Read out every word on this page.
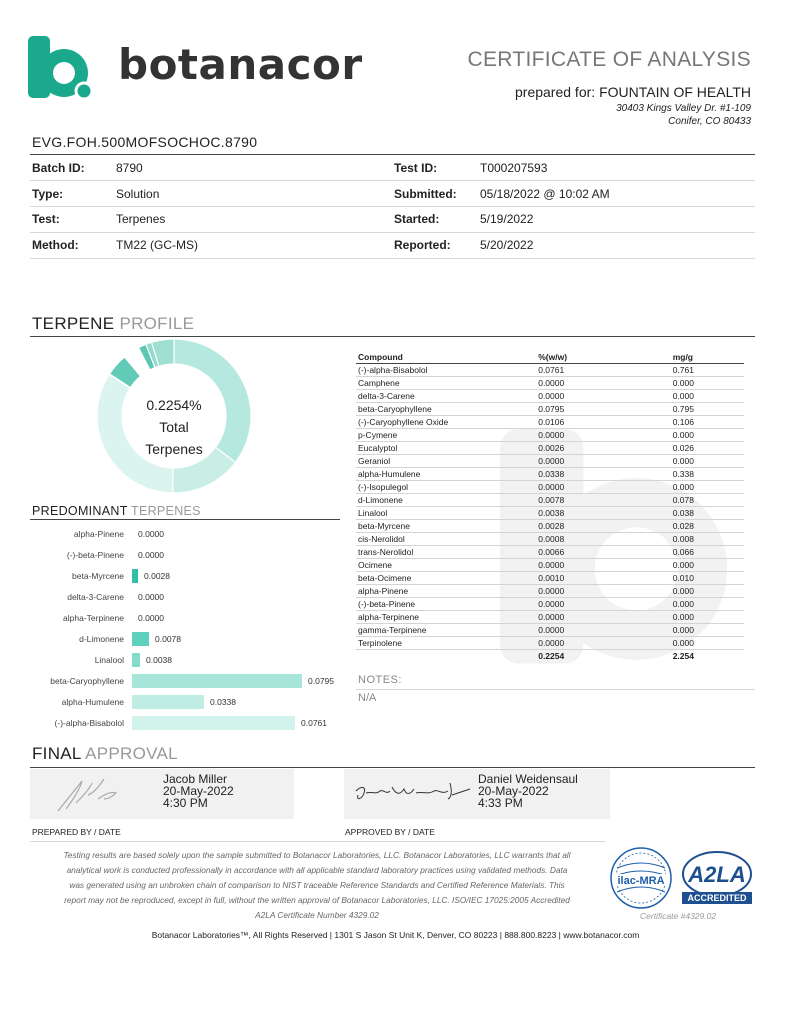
botanacor	CERTIFICATE OF ANALYSIS
prepared for: FOUNTAIN OF HEALTH
30403 Kings Valley Dr. #1-109
Conifer, CO 80433
EVG.FOH.500MOFSOCHOC.8790
Batch ID:	8790	Test ID:	T000207593
Type:	Solution	Submitted: 05/18/2022 @ 10:02 AM
Test:	Terpenes	Started:	5/19/2022
Method:	TM22 (GC-MS)	Reported: 5/20/2022
TERPENE PROFILE
0.2254%
Total
Terpenes
PREDOMINANT TERPENES
alpha-Pinene 0.0000
(-)-beta-Pinene 0.0000
beta-Myrcene 0.0028
delta-3-Carene 0.0000
alpha-Terpinene 0.0000
d-Limonene	0.0078
Linalool	0.0038
beta-Caryophyllene	0.0795
alpha-Humulene	0.0338
(-)-alpha-Bisabolol	0.0761
Compound	%(w/w)	mg/g
(-)-alpha-Bisabolol	0.0761	0.761
Camphene	0.0000	0.000
delta-3-Carene	0.0000	0.000
beta-Caryophyllene	0.0795	0.795
(-)-Caryophyllene Oxide	0.0106	0.106
p-Cymene	0.0000	0.000
Eucalyptol	0.0026	0.026
Geraniol	0.0000	0.000
alpha-Humulene	0.0338	0.338
(-)-Isopulegol	0.0000	0.000
d-Limonene	0.0078	0.078
Linalool	0.0038	0.038
beta-Myrcene	0.0028	0.028
cis-Nerolidol	0.0008	0.008
trans-Nerolidol	0.0066	0.066
Ocimene	0.0000	0.000
beta-Ocimene	0.0010	0.010
alpha-Pinene	0.0000	0.000
(-)-beta-Pinene	0.0000	0.000
alpha-Terpinene	0.0000	0.000
gamma-Terpinene	0.0000	0.000
Terpinolene	0.0000	0.000
	0.2254	2.254
NOTES:
N/A
FINAL APPROVAL
Jacob Miller
20-May-2022
4:30 PM
Daniel Weidensaul
20-May-2022
4:33 PM
PREPARED BY / DATE	APPROVED BY / DATE
Testing results are based solely upon the sample submitted to Botanacor Laboratories, LLC. Botanacor Laboratories, LLC warrants that all
analytical work is conducted professionally in accordance with all applicable standard laboratory practices using validated methods. Data
was generated using an unbroken chain of comparison to NIST traceable Reference Standards and Certified Reference Materials. This
report may not be reproduced, except in full, without the written approval of Botanacor Laboratories, LLC. ISO/IEC 17025:2005 Accredited
A2LA Certificate Number 4329.02
ilac-MRA A2LA
ACCREDITED
Certificate #4329.02
Botanacor Laboratories™, All Rights Reserved | 1301 S Jason St Unit K, Denver, CO 80223 | 888.800.8223 | www.botanacor.com
